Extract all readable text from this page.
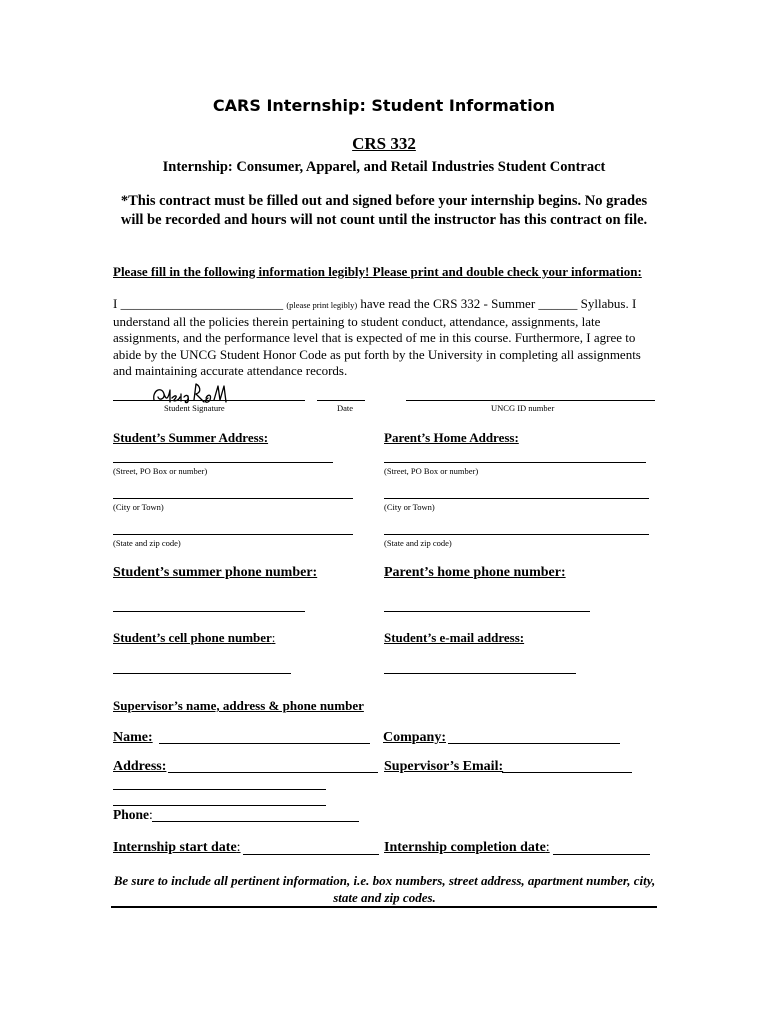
CARS Internship: Student Information
CRS 332
Internship: Consumer, Apparel, and Retail Industries Student Contract
*This contract must be filled out and signed before your internship begins. No grades will be recorded and hours will not count until the instructor has this contract on file.
Please fill in the following information legibly! Please print and double check your information:
I _________________________ (please print legibly) have read the CRS 332 - Summer ______ Syllabus. I understand all the policies therein pertaining to student conduct, attendance, assignments, late assignments, and the performance level that is expected of me in this course. Furthermore, I agree to abide by the UNCG Student Honor Code as put forth by the University in completing all assignments and maintaining accurate attendance records.
Student Signature	Date	UNCG ID number
Student’s Summer Address:	Parent’s Home Address:
(Street, PO Box or number)	(Street, PO Box or number)
(City or Town)	(City or Town)
(State and zip code)	(State and zip code)
Student’s summer phone number:	Parent’s home phone number:
Student’s cell phone number:	Student’s e-mail address:
Supervisor’s name, address & phone number
Name:	Company:
Address:	Supervisor’s Email:
Phone:
Internship start date:	Internship completion date:
Be sure to include all pertinent information, i.e. box numbers, street address, apartment number, city, state and zip codes.
